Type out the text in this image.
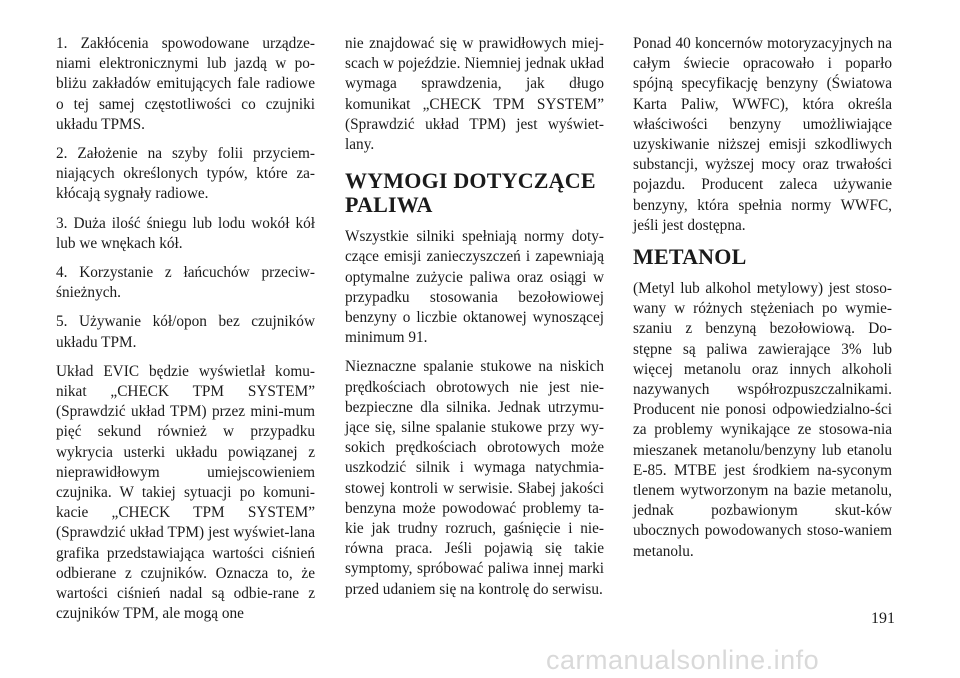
1. Zakłócenia spowodowane urządze-niami elektronicznymi lub jazdą w po-bliżu zakładów emitujących fale radiowe o tej samej częstotliwości co czujniki układu TPMS.

2. Założenie na szyby folii przyciem-niających określonych typów, które za-kłócają sygnały radiowe.

3. Duża ilość śniegu lub lodu wokół kół lub we wnękach kół.

4. Korzystanie z łańcuchów przeciw-śnieżnych.

5. Używanie kół/opon bez czujników układu TPM.

Układ EVIC będzie wyświetlał komu-nikat „CHECK TPM SYSTEM” (Sprawdzić układ TPM) przez mini-mum pięć sekund również w przypadku wykrycia usterki układu powiązanej z nieprawidłowym umiejscowieniem czujnika. W takiej sytuacji po komuni-kacie „CHECK TPM SYSTEM” (Sprawdzić układ TPM) jest wyświet-lana grafika przedstawiająca wartości ciśnień odbierane z czujników. Oznacza to, że wartości ciśnień nadal są odbie-rane z czujników TPM, ale mogą one

nie znajdować się w prawidłowych miej-scach w pojeździe. Niemniej jednak układ wymaga sprawdzenia, jak długo komunikat „CHECK TPM SYSTEM” (Sprawdzić układ TPM) jest wyświet-lany.

WYMOGI DOTYCZĄCE PALIWA

Wszystkie silniki spełniają normy doty-czące emisji zanieczyszczeń i zapewniają optymalne zużycie paliwa oraz osiągi w przypadku stosowania bezołowiowej benzyny o liczbie oktanowej wynoszącej minimum 91.

Nieznaczne spalanie stukowe na niskich prędkościach obrotowych nie jest nie-bezpieczne dla silnika. Jednak utrzymu-jące się, silne spalanie stukowe przy wy-sokich prędkościach obrotowych może uszkodzić silnik i wymaga natychmia-stowej kontroli w serwisie. Słabej jakości benzyna może powodować problemy ta-kie jak trudny rozruch, gaśnięcie i nie-równa praca. Jeśli pojawią się takie symptomy, spróbować paliwa innej marki przed udaniem się na kontrolę do serwisu.

Ponad 40 koncernów motoryzacyjnych na całym świecie opracowało i poparło spójną specyfikację benzyny (Światowa Karta Paliw, WWFC), która określa właściwości benzyny umożliwiające uzyskiwanie niższej emisji szkodliwych substancji, wyższej mocy oraz trwałości pojazdu. Producent zaleca używanie benzyny, która spełnia normy WWFC, jeśli jest dostępna.

METANOL

(Metyl lub alkohol metylowy) jest stoso-wany w różnych stężeniach po wymie-szaniu z benzyną bezołowiową. Do-stępne są paliwa zawierające 3% lub więcej metanolu oraz innych alkoholi nazywanych współrozpuszczalnikami. Producent nie ponosi odpowiedzialno-ści za problemy wynikające ze stosowa-nia mieszanek metanolu/benzyny lub etanolu E-85. MTBE jest środkiem na-syconym tlenem wytworzonym na bazie metanolu, jednak pozbawionym skut-ków ubocznych powodowanych stoso-waniem metanolu.

191
carmanualsonline.info
